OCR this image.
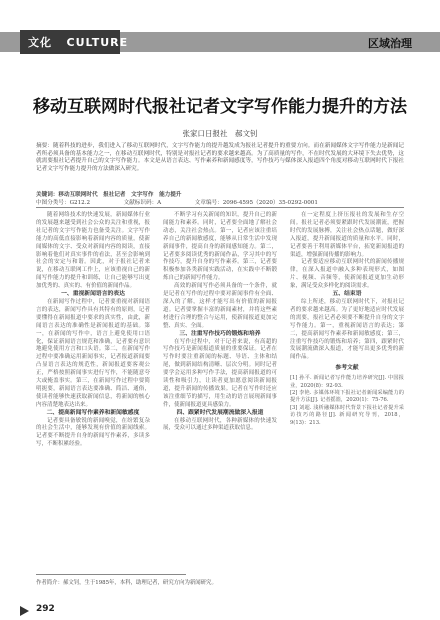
文化 CULTURE	区域治理
移动互联网时代报社记者文字写作能力提升的方法
张家口日报社　郝文钊
摘要：随着科技的进步，我们进入了移动互联网时代，文字写作能力的提升越发成为报社记者提升的重要方向。而在新闻媒体文字写作能力是新闻记者所必须具备的基本能力之一，在移动互联网时代，特别是对报社记者的要求越来越高。为了高质量的写作，不在时代发展的大环境下失去优势，这就需要报社记者提升自己的文字写作能力。本文是从语言表达、写作素养和新闻感度等，写作技巧与媒体深入报道四个角度对移动互联网时代下报社记者文字写作能力提升的方法做深入研究。
关键词：移动互联网时代　报社记者　文字写作　能力提升
中图分类号：G212.2	文献标识码：A	文章编号：2096-4595（2020）35-0292-0001

随着网络技术的快速发展，新闻媒体行业的发展越来越受到社会公众的关注和重视，报社记者的文字写作能力也备受关注。文字写作能力的高低直接影响着新闻内容的质量，使新闻媒体的文字、受众对新闻内容的阅读，直接影响着他们对真实事件的看法，甚至会影响到社会的安定与和谐。因此，对于报社记者来说，在移动互联网工作上，应该重视自己的新闻写作能力的提升和训练，让自己能够写出更加优秀的、真实的、有价值的新闻作品。

一、重视新闻语言的表达

在新闻写作过程中，记者要重视对新闻语言的表达，新闻写作具有其特有的原则，记者要懂得在新闻报道中要求的真实性，由此，新闻语言表达的准确性是新闻报道的基础。第一，在新闻的写作中，语言上避免使用口语化，保证新闻语言规范和准确，记者要有意识地避免使用方言和口头语。第二，在新闻写作过程中要准确运用新闻事实，记者报道新闻要凸显语言表达的规范性，新闻报道要客观公正，严格按照新闻事实进行写作，不能随意夸大或掩盖事实。第三，在新闻写作过程中要简明扼要，新闻语言表达要准确、简洁、通俗，使读者能够快速获取新闻信息，将新闻的核心内容清楚地表达出来。

二、提高新闻写作素养和新闻敏感度

记者要具备敏锐的新闻嗅觉，在纷繁复杂的社会生活中，能够发现有价值的新闻线索。记者要不断提升自身的新闻写作素养，多读多写，不断积累经验。

不断学习有关新闻的知识，提升自己的新闻能力和素养。同时，记者要全面地了解社会动态，关注社会热点。第一，记者应该注重培养自己的新闻敏感度，能够从日常生活中发现新闻事件，提高自身的新闻感知能力。第二，记者要多阅读优秀的新闻作品，学习其中的写作技巧，提升自身的写作素养。第三，记者要积极参加各类新闻实践活动，在实践中不断锻炼自己的新闻写作能力。

高效的新闻写作必须具备的一个条件，就是记者在写作的过程中要对新闻事件有全面、深入的了解，这样才能写出有价值的新闻报道。记者要掌握丰富的新闻素材，并将这些素材进行合理的整合与运用，使新闻报道更加完整、真实、全面。

三、注重写作技巧的锻炼和培养

在写作过程中，对于记者来说，有高超的写作技巧是新闻报道质量的重要保证。记者在写作时要注重新闻的标题、导语、主体和结尾，做到新闻结构清晰、层次分明。同时记者要学会运用多种写作手法，提高新闻报道的可读性和吸引力，让读者更加愿意阅读新闻报道，提升新闻的传播效果。记者在写作时还应该注重细节的描写，用生动的语言展现新闻事件，使新闻报道更具感染力。

四、跟紧时代发展潮流做深入报道

在移动互联网时代，各种新媒体的快速发展，受众可以通过多种渠道获取信息。

在一定程度上挤压报社的发展和生存空间。报社记者必须要紧跟时代发展潮流，把握时代的发展脉搏，关注社会热点话题，做好深入报道，提升新闻报道的质量和水平。同时，记者要善于利用新媒体平台，拓宽新闻报道的渠道，增强新闻传播的影响力。

记者要适应移动互联网时代的新闻传播规律，在深入报道中融入多种表现形式，如图片、视频、音频等，使新闻报道更加生动形象，满足受众多样化的阅读需求。

五、结束语

综上所述，移动互联网时代下，对报社记者的要求越来越高。为了更好地适应时代发展的需要，报社记者必须要不断提升自身的文字写作能力。第一，重视新闻语言的表达；第二，提高新闻写作素养和新闻敏感度；第三，注重写作技巧的锻炼和培养；第四，跟紧时代发展潮流做深入报道，才能写出更多优秀的新闻作品。

参考文献

[1] 孙平. 新闻记者写作能力培养研究[J]. 中国报业，2020(8)：92-93.

[2] 李艳. 多媒体环境下报社记者新闻采编能力的提升方法[J]. 记者摇篮，2020(1)：75-76.

[3] 刘超. 浅析融媒体时代背景下报社记者提升采访技巧的路径[J]. 新闻研究导刊，2018，9(13)：213.

作者简介：郝文钊，生于1985年，本科，助理记者，研究方向为新闻研究。
292
